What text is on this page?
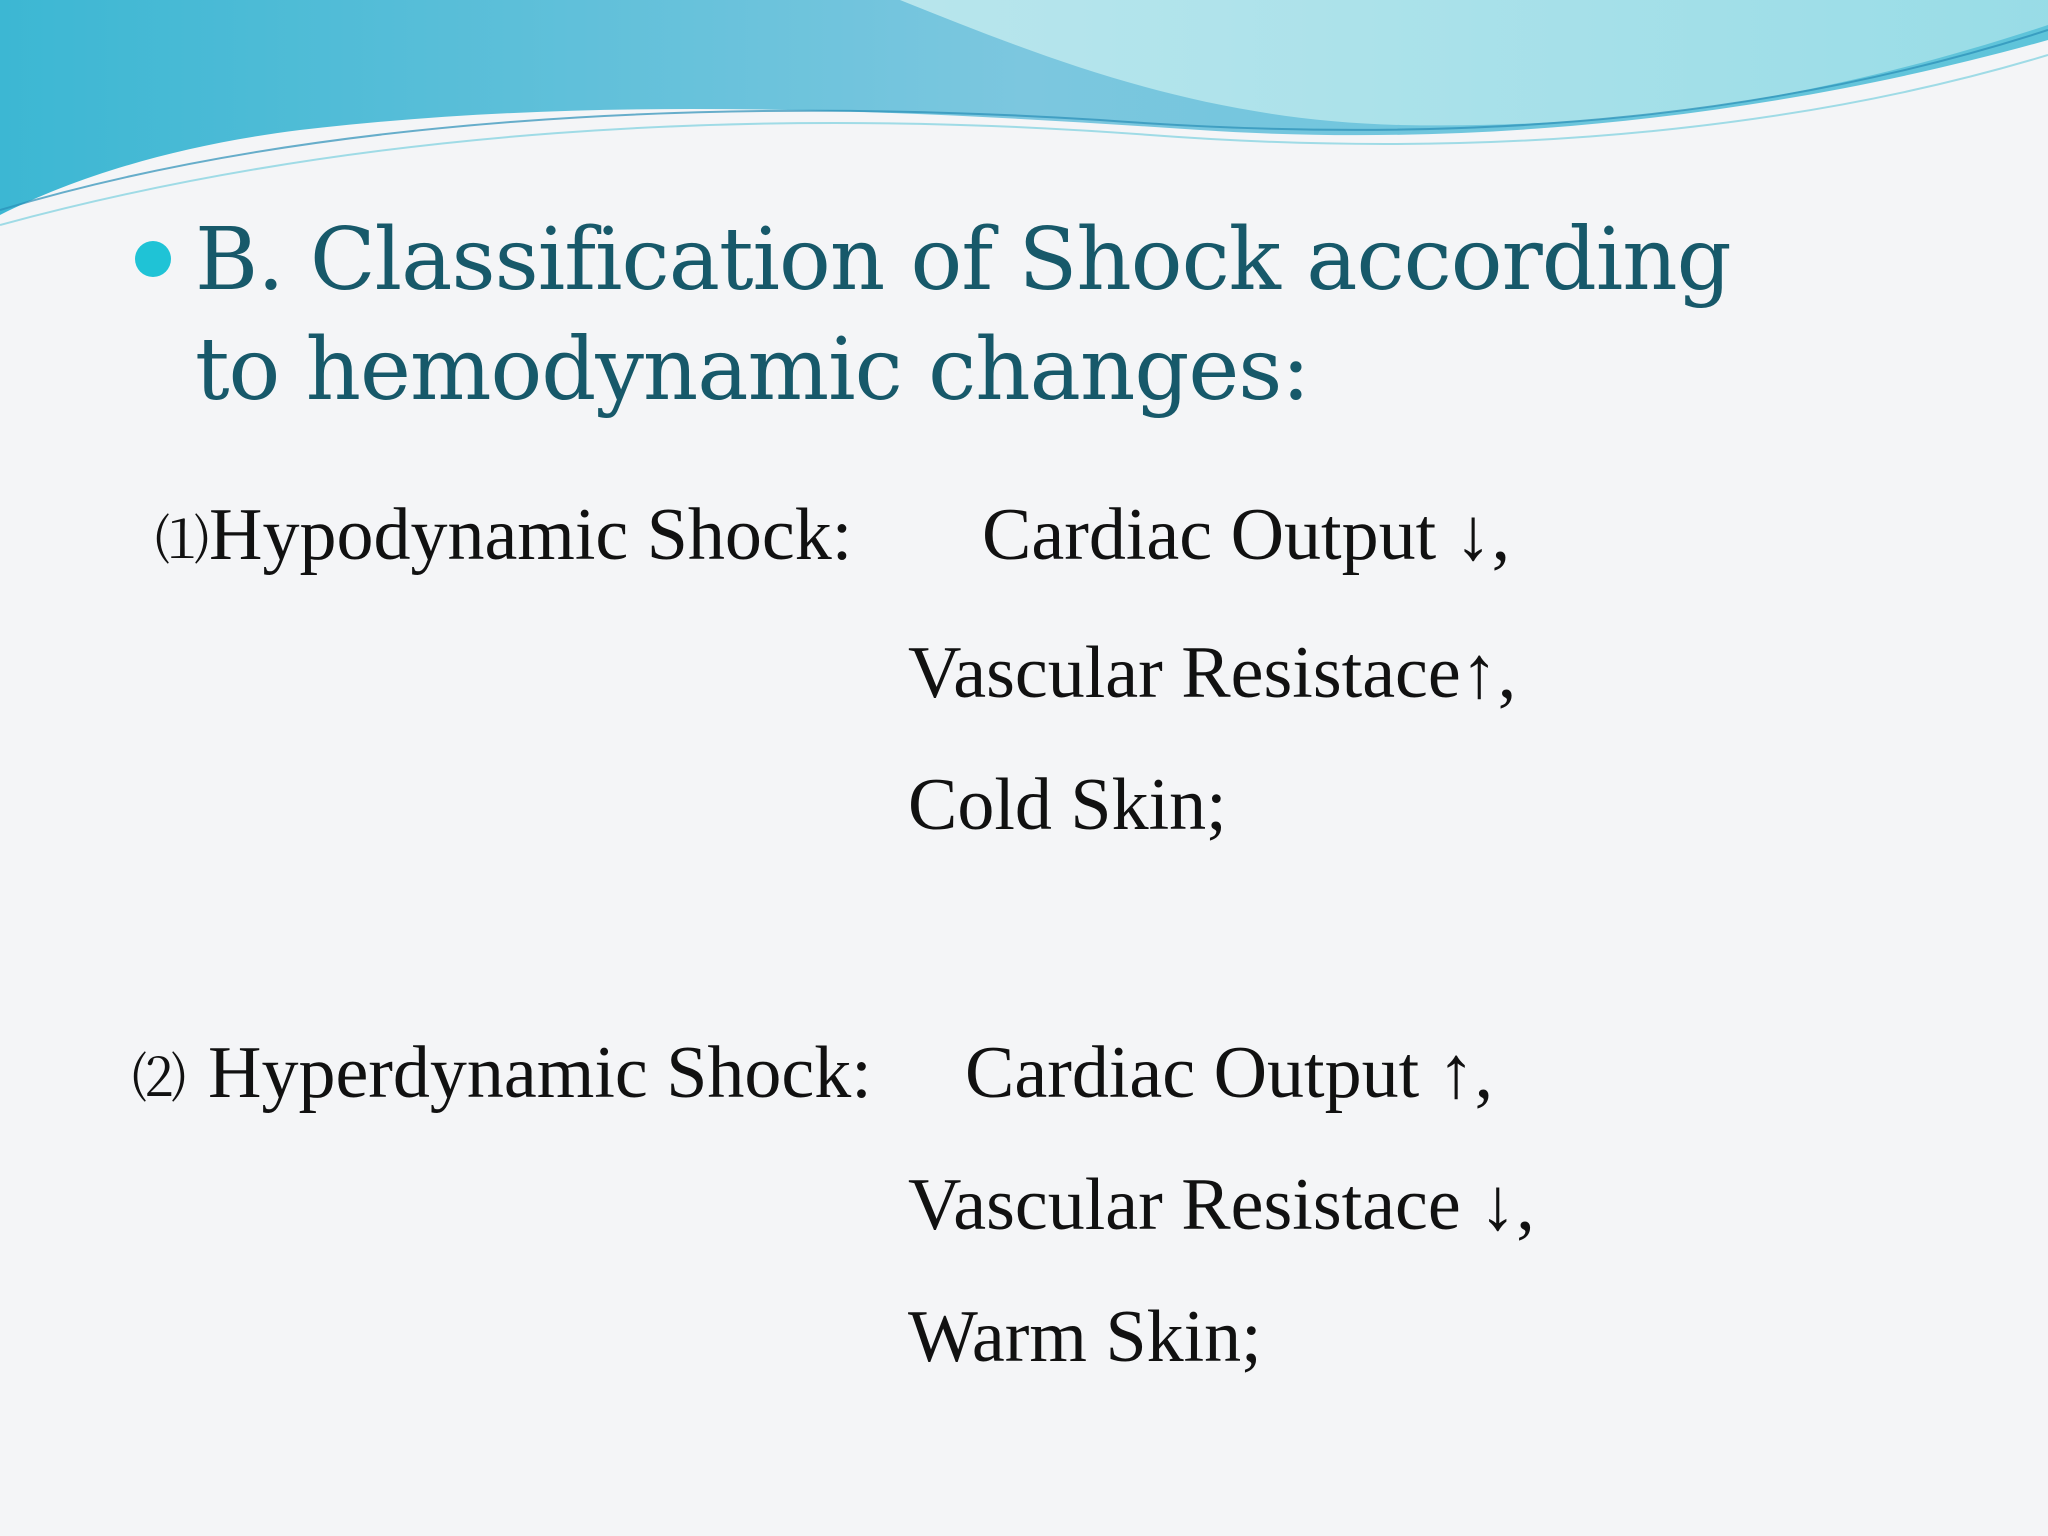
B. Classification of Shock according to hemodynamic changes:
⑴Hypodynamic Shock: Cardiac Output ↓,
Vascular Resistace↑,
Cold Skin;
⑵ Hyperdynamic Shock: Cardiac Output ↑,
Vascular Resistace ↓,
Warm Skin;
